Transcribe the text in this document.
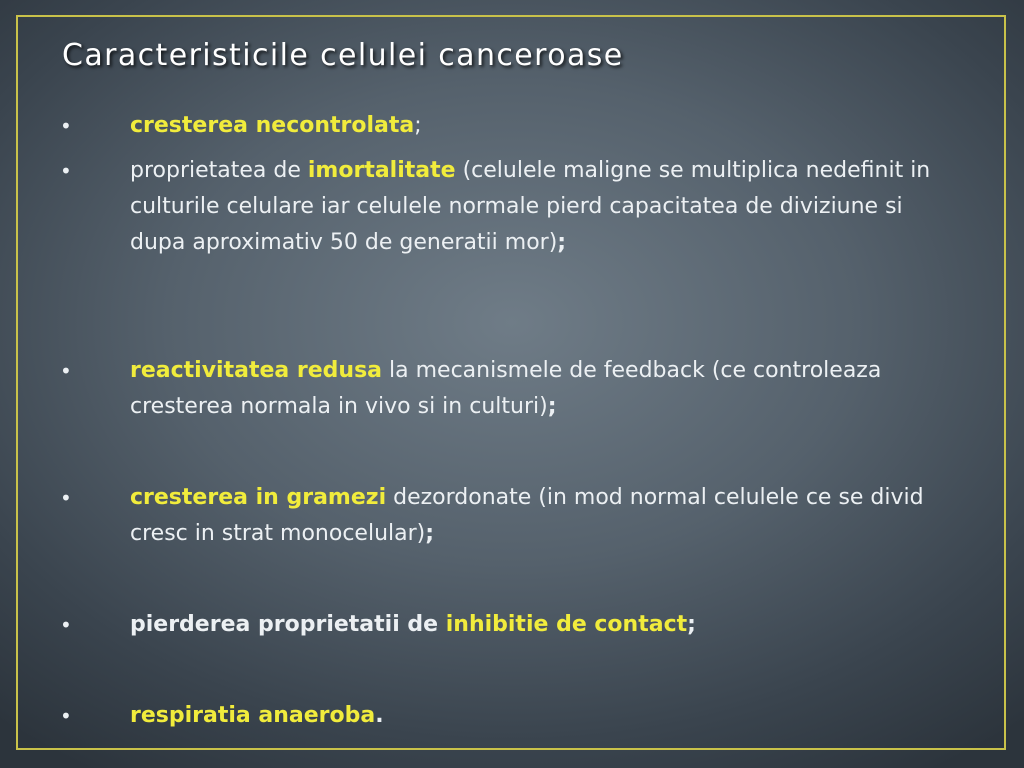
Caracteristicile celulei canceroase
•	cresterea necontrolata;

•	proprietatea de imortalitate (celulele maligne se multiplica nedefinit in culturile celulare iar celulele normale pierd capacitatea de diviziune si dupa aproximativ 50 de generatii mor);

•	reactivitatea redusa la mecanismele de feedback (ce controleaza cresterea normala in vivo si in culturi);

•	cresterea in gramezi dezordonate (in mod normal celulele ce se divid cresc in strat monocelular);

•	pierderea proprietatii de inhibitie de contact;

•	respiratia anaeroba.
